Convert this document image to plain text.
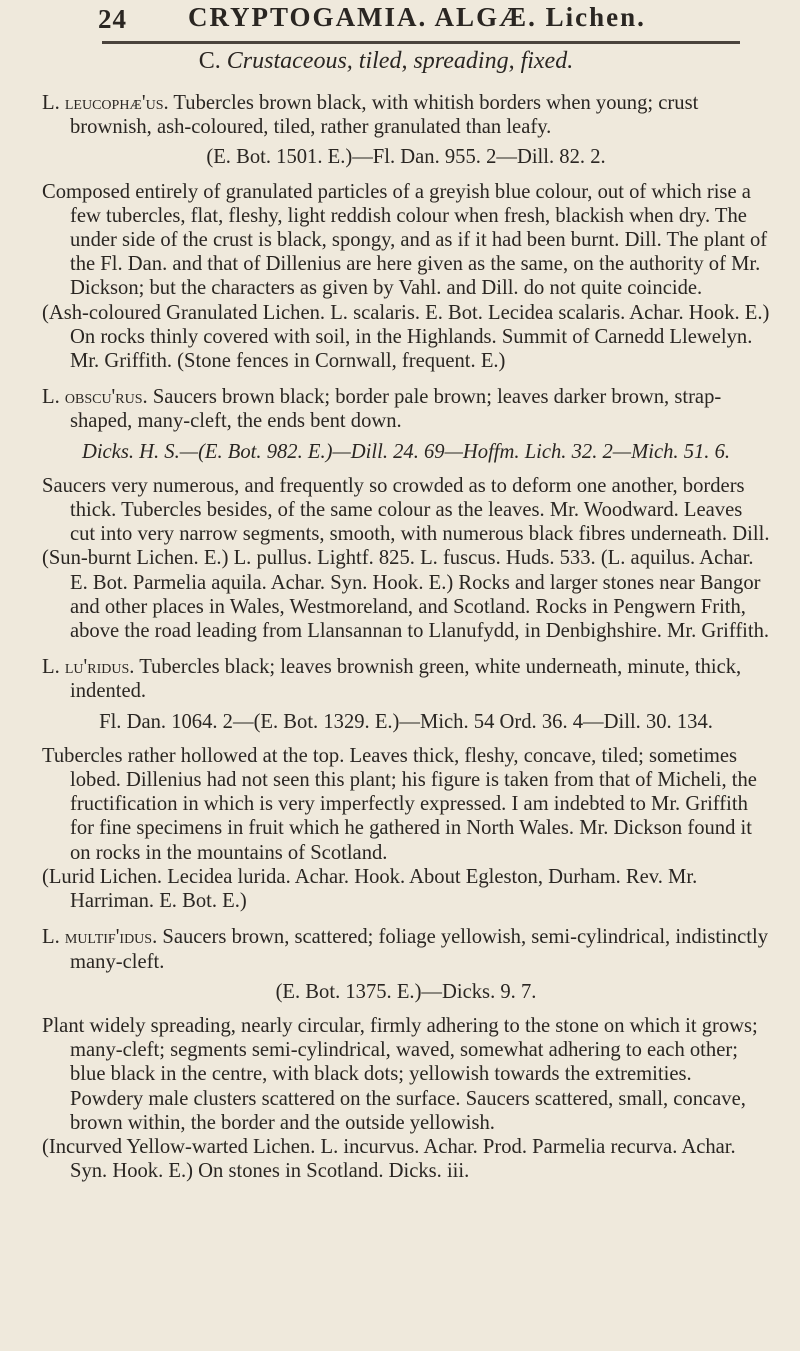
24 CRYPTOGAMIA. ALGÆ. Lichen.
C. Crustaceous, tiled, spreading, fixed.

L. leucophæ'us. Tubercles brown black, with whitish borders when young; crust brownish, ash-coloured, tiled, rather granulated than leafy.

(E. Bot. 1501. E.)—Fl. Dan. 955. 2—Dill. 82. 2.

Composed entirely of granulated particles of a greyish blue colour, out of which rise a few tubercles, flat, fleshy, light reddish colour when fresh, blackish when dry. The under side of the crust is black, spongy, and as if it had been burnt. Dill. The plant of the Fl. Dan. and that of Dillenius are here given as the same, on the authority of Mr. Dickson; but the characters as given by Vahl. and Dill. do not quite coincide.

(Ash-coloured Granulated Lichen. L. scalaris. E. Bot. Lecidea scalaris. Achar. Hook. E.) On rocks thinly covered with soil, in the Highlands. Summit of Carnedd Llewelyn. Mr. Griffith. (Stone fences in Cornwall, frequent. E.)

L. obscu'rus. Saucers brown black; border pale brown; leaves darker brown, strap-shaped, many-cleft, the ends bent down.

Dicks. H. S.—(E. Bot. 982. E.)—Dill. 24. 69—Hoffm. Lich. 32. 2—Mich. 51. 6.

Saucers very numerous, and frequently so crowded as to deform one another, borders thick. Tubercles besides, of the same colour as the leaves. Mr. Woodward. Leaves cut into very narrow segments, smooth, with numerous black fibres underneath. Dill.

(Sun-burnt Lichen. E.) L. pullus. Lightf. 825. L. fuscus. Huds. 533. (L. aquilus. Achar. E. Bot. Parmelia aquila. Achar. Syn. Hook. E.) Rocks and larger stones near Bangor and other places in Wales, Westmoreland, and Scotland. Rocks in Pengwern Frith, above the road leading from Llansannan to Llanufydd, in Denbighshire. Mr. Griffith.

L. lu'ridus. Tubercles black; leaves brownish green, white underneath, minute, thick, indented.

Fl. Dan. 1064. 2—(E. Bot. 1329. E.)—Mich. 54 Ord. 36. 4—Dill. 30. 134.

Tubercles rather hollowed at the top. Leaves thick, fleshy, concave, tiled; sometimes lobed. Dillenius had not seen this plant; his figure is taken from that of Micheli, the fructification in which is very imperfectly expressed. I am indebted to Mr. Griffith for fine specimens in fruit which he gathered in North Wales. Mr. Dickson found it on rocks in the mountains of Scotland.

(Lurid Lichen. Lecidea lurida. Achar. Hook. About Egleston, Durham. Rev. Mr. Harriman. E. Bot. E.)

L. multif'idus. Saucers brown, scattered; foliage yellowish, semi-cylindrical, indistinctly many-cleft.

(E. Bot. 1375. E.)—Dicks. 9. 7.

Plant widely spreading, nearly circular, firmly adhering to the stone on which it grows; many-cleft; segments semi-cylindrical, waved, somewhat adhering to each other; blue black in the centre, with black dots; yellowish towards the extremities. Powdery male clusters scattered on the surface. Saucers scattered, small, concave, brown within, the border and the outside yellowish.

(Incurved Yellow-warted Lichen. L. incurvus. Achar. Prod. Parmelia recurva. Achar. Syn. Hook. E.) On stones in Scotland. Dicks. iii.
